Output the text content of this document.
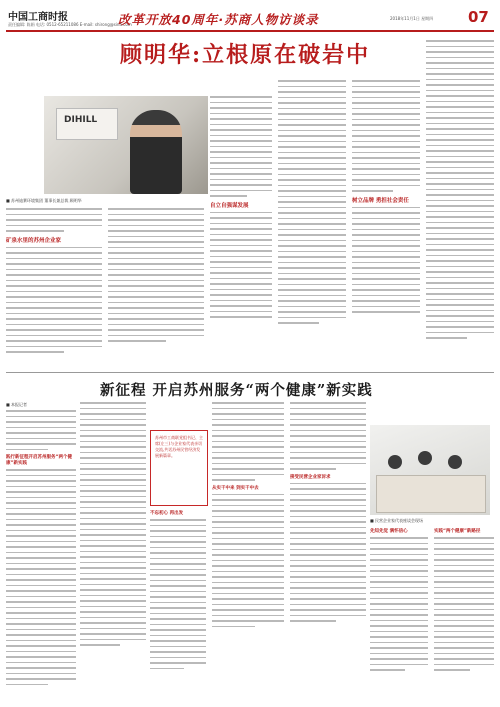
中国工商时报
责任编辑: 陈娟 电话: 0512-65211086 E-mail: shirong@sina.com
改革开放40周年·苏商人物访谈录	2018年11月1日 星期四 07
顾明华:立根原在破岩中
DIHILL
■ 苏州迪赛环境集团 董事长兼总裁 顾明华
矿泉水里的苏州企业家
自立自强谋发展
树立品牌 勇担社会责任
新征程 开启苏州服务“两个健康”新实践
■ 本报记者
践行新征程开启苏州服务“两个健康”新实践
苏州市工商联党组书记、主席(左三)与企业家代表亲切交流,共话苏州民营经济发展新篇章。
不忘初心 再出发
从实干中来 到实干中去
接受民营企业家诉求
■ 民营企业家代表座谈会现场
先知先觉 满怀信心	实践“两个健康”新路径
